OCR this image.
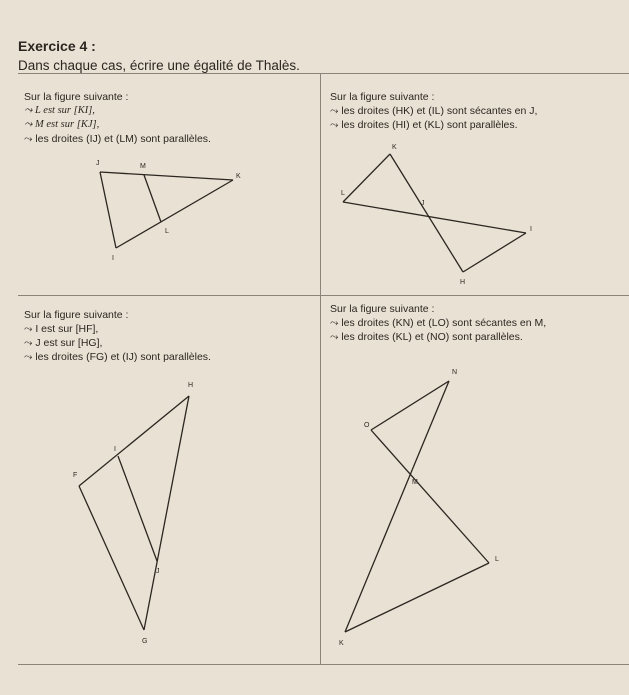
Exercice 4 :
Dans chaque cas, écrire une égalité de Thalès.
Sur la figure suivante :
⤳ L est sur [KI],
⤳ M est sur [KJ],
⤳ les droites (IJ) et (LM) sont parallèles.
J	M
K
L
I
Sur la figure suivante :
⤳ les droites (HK) et (IL) sont sécantes en J,
⤳ les droites (HI) et (KL) sont parallèles.
K
L
J
I
H
Sur la figure suivante :
⤳ I est sur [HF],
⤳ J est sur [HG],
⤳ les droites (FG) et (IJ) sont parallèles.
H
I
F
J
G
Sur la figure suivante :
⤳ les droites (KN) et (LO) sont sécantes en M,
⤳ les droites (KL) et (NO) sont parallèles.
N
O
M
L
K
